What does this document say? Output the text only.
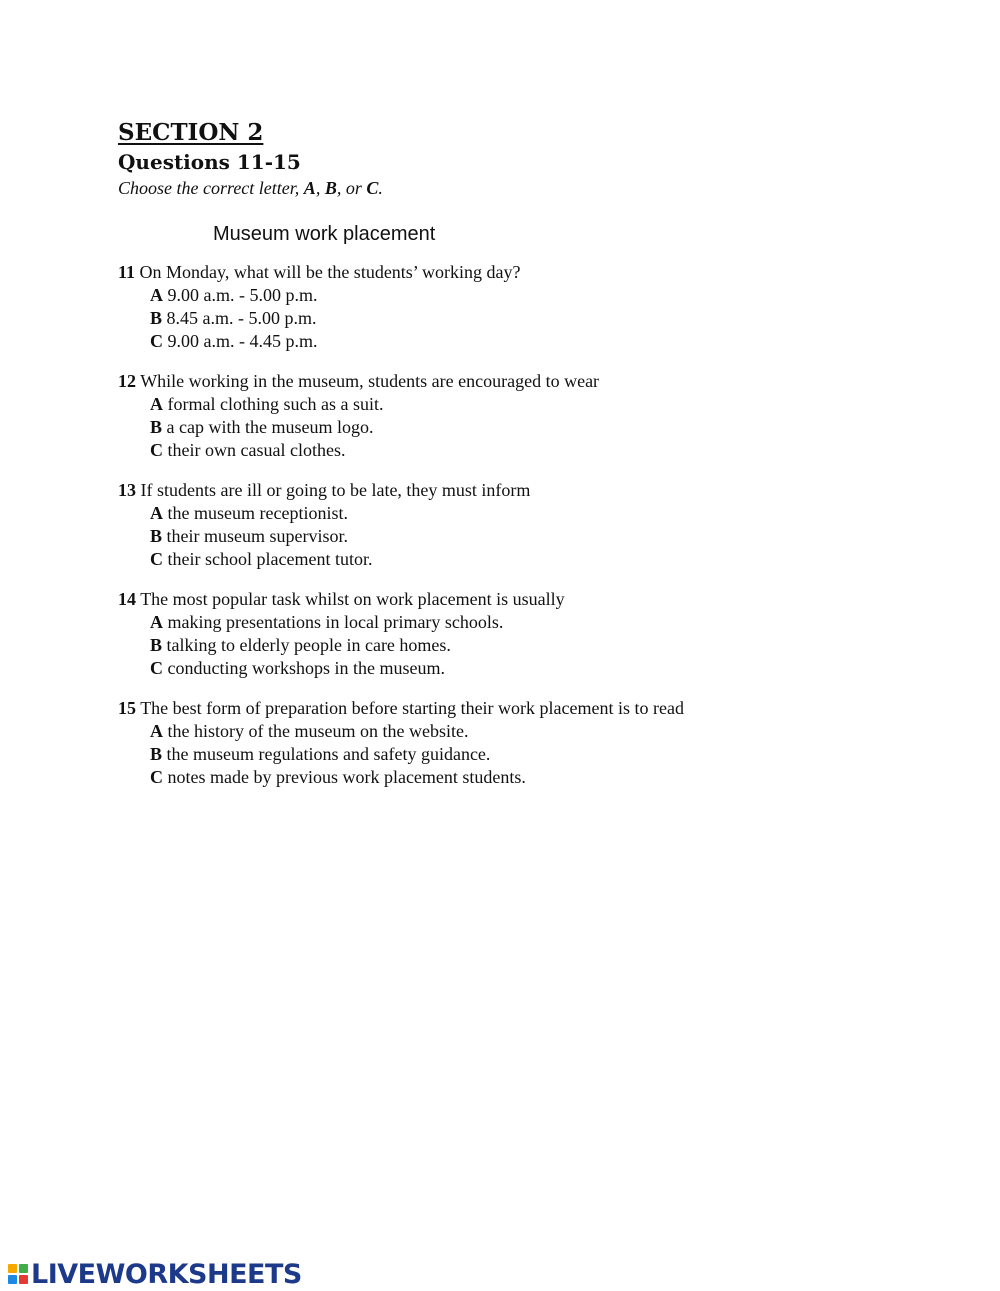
SECTION 2
Questions 11-15
Choose the correct letter, A, B, or C.
Museum work placement
11 On Monday, what will be the students’ working day?
A 9.00 a.m. - 5.00 p.m.
B 8.45 a.m. - 5.00 p.m.
C 9.00 a.m. - 4.45 p.m.
12 While working in the museum, students are encouraged to wear
A formal clothing such as a suit.
B a cap with the museum logo.
C their own casual clothes.
13 If students are ill or going to be late, they must inform
A the museum receptionist.
B their museum supervisor.
C their school placement tutor.
14 The most popular task whilst on work placement is usually
A making presentations in local primary schools.
B talking to elderly people in care homes.
C conducting workshops in the museum.
15 The best form of preparation before starting their work placement is to read
A the history of the museum on the website.
B the museum regulations and safety guidance.
C notes made by previous work placement students.
LIVEWORKSHEETS
